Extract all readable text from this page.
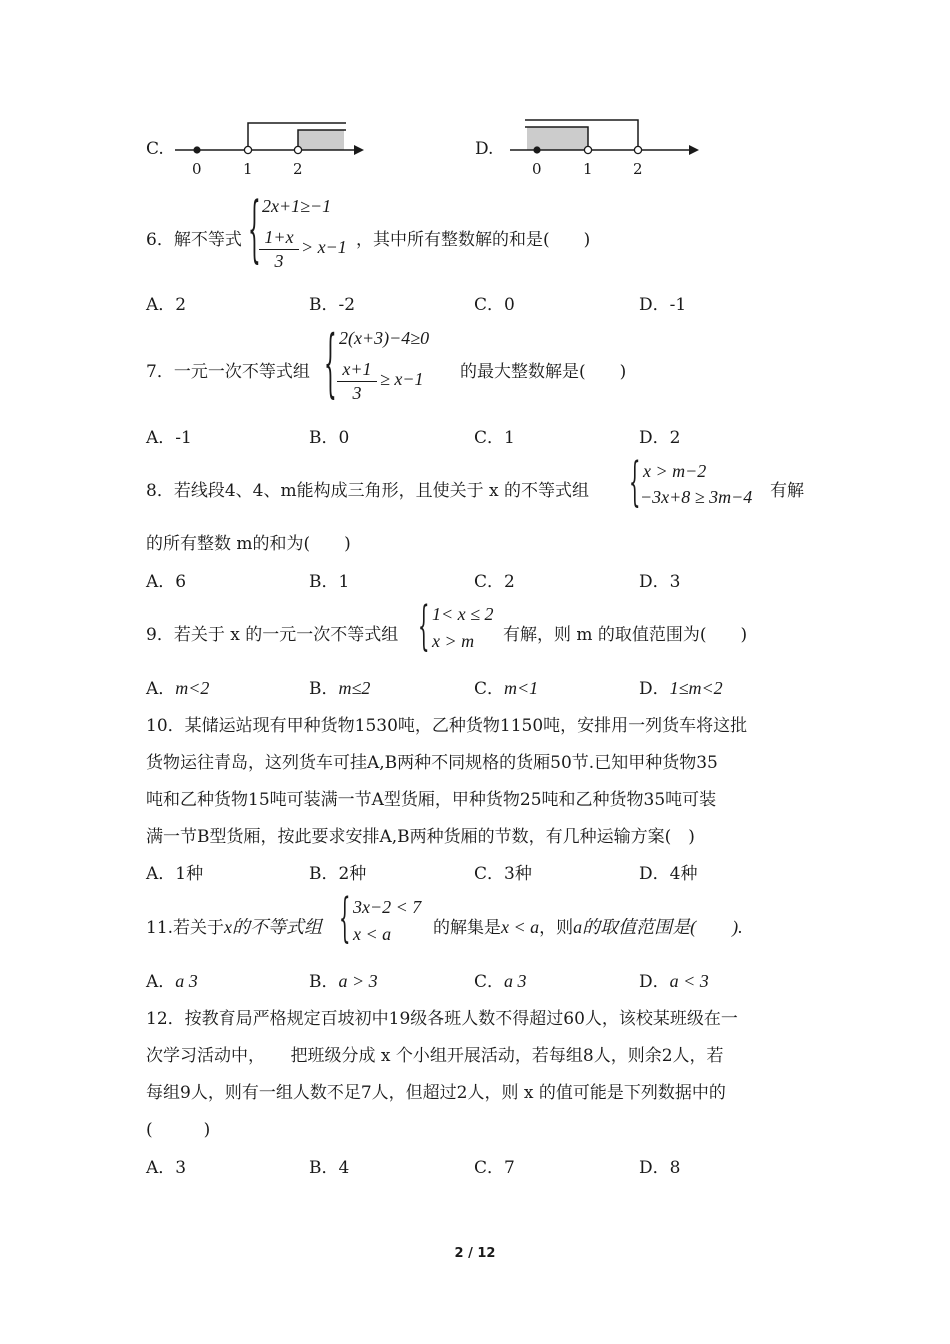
C.
0	1	2
D.
0	1	2
6．解不等式 { 2x+1≥−1
1+x
3
> x−1 ，其中所有整数解的和是(　　)
A．2	B．-2	C．0	D．-1
7．一元一次不等式组 { 2(x+3)−4≥0
x+1
3
≥ x−1 的最大整数解是(　　)
A．-1	B．0	C．1	D．2
8．若线段4、4、m能构成三角形，且使关于 x 的不等式组 { x > m−2
−3x+8 ≥ 3m−4 有解
的所有整数 m的和为(　　)
A．6	B．1	C．2	D．3
9．若关于 x 的一元一次不等式组 { 1< x ≤ 2
x > m 有解，则 m 的取值范围为(　　)
A．m<2	B．m≤2	C．m<1	D．1≤m<2
10．某储运站现有甲种货物1530吨，乙种货物1150吨，安排用一列货车将这批
货物运往青岛，这列货车可挂A,B两种不同规格的货厢50节.已知甲种货物35
吨和乙种货物15吨可装满一节A型货厢，甲种货物25吨和乙种货物35吨可装
满一节B型货厢，按此要求安排A,B两种货厢的节数，有几种运输方案(　)
A．1种	B．2种	C．3种	D．4种
11.若关于x的不等式组 { 3x−2 < 7
x < a 的解集是x < a，则a的取值范围是(　　).
A．a 3	B．a > 3	C．a 3	D．a < 3
12．按教育局严格规定百坡初中19级各班人数不得超过60人，该校某班级在一
次学习活动中，　　把班级分成 x 个小组开展活动，若每组8人，则余2人，若
每组9人，则有一组人数不足7人，但超过2人，则 x 的值可能是下列数据中的
(　　　)
A．3	B．4	C．7	D．8
2 / 12
